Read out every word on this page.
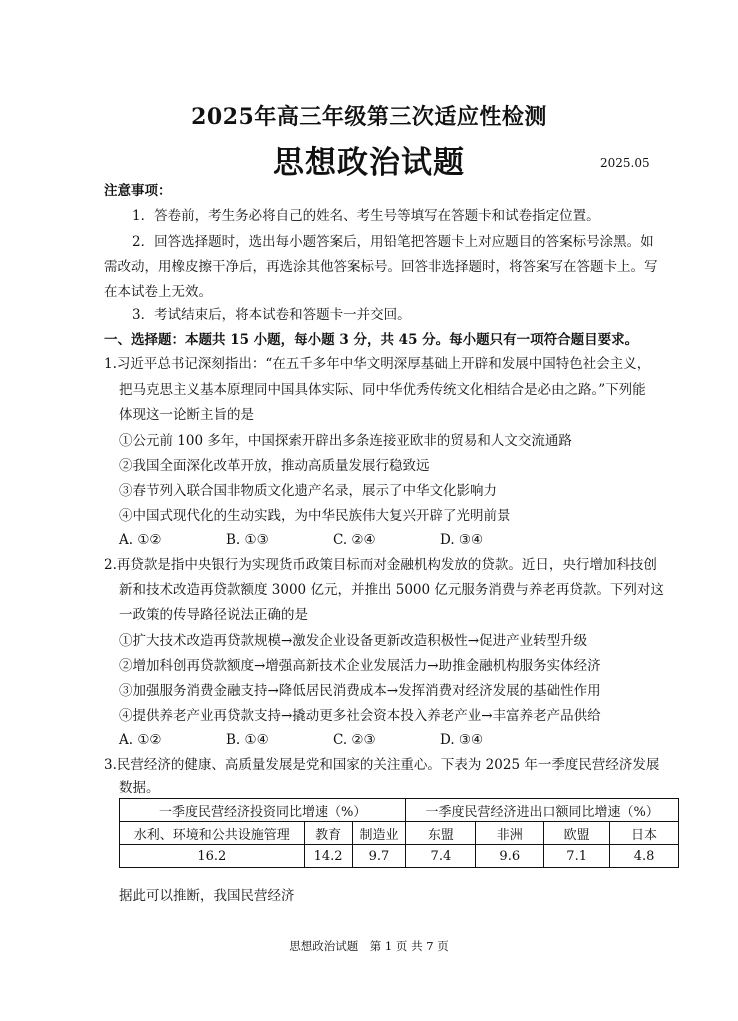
2025年高三年级第三次适应性检测
思想政治试题	2025.05
注意事项：
1．答卷前，考生务必将自己的姓名、考生号等填写在答题卡和试卷指定位置。
2．回答选择题时，选出每小题答案后，用铅笔把答题卡上对应题目的答案标号涂黑。如
需改动，用橡皮擦干净后，再选涂其他答案标号。回答非选择题时，将答案写在答题卡上。写
在本试卷上无效。
3．考试结束后，将本试卷和答题卡一并交回。
一、选择题：本题共 15 小题，每小题 3 分，共 45 分。每小题只有一项符合题目要求。
1.习近平总书记深刻指出：“在五千多年中华文明深厚基础上开辟和发展中国特色社会主义，
把马克思主义基本原理同中国具体实际、同中华优秀传统文化相结合是必由之路。”下列能
体现这一论断主旨的是
①公元前 100 多年，中国探索开辟出多条连接亚欧非的贸易和人文交流通路
②我国全面深化改革开放，推动高质量发展行稳致远
③春节列入联合国非物质文化遗产名录，展示了中华文化影响力
④中国式现代化的生动实践，为中华民族伟大复兴开辟了光明前景
A. ①②	B. ①③	C. ②④	D. ③④
2.再贷款是指中央银行为实现货币政策目标而对金融机构发放的贷款。近日，央行增加科技创
新和技术改造再贷款额度 3000 亿元，并推出 5000 亿元服务消费与养老再贷款。下列对这
一政策的传导路径说法正确的是
①扩大技术改造再贷款规模→激发企业设备更新改造积极性→促进产业转型升级
②增加科创再贷款额度→增强高新技术企业发展活力→助推金融机构服务实体经济
③加强服务消费金融支持→降低居民消费成本→发挥消费对经济发展的基础性作用
④提供养老产业再贷款支持→撬动更多社会资本投入养老产业→丰富养老产品供给
A. ①②	B. ①④	C. ②③	D. ③④
3.民营经济的健康、高质量发展是党和国家的关注重心。下表为 2025 年一季度民营经济发展
数据。
一季度民营经济投资同比增速（%）			一季度民营经济进出口额同比增速（%）			
水利、环境和公共设施管理	教育	制造业	东盟	非洲	欧盟	日本
16.2	14.2	9.7	7.4	9.6	7.1	4.8
据此可以推断，我国民营经济
思想政治试题　第 1 页 共 7 页
